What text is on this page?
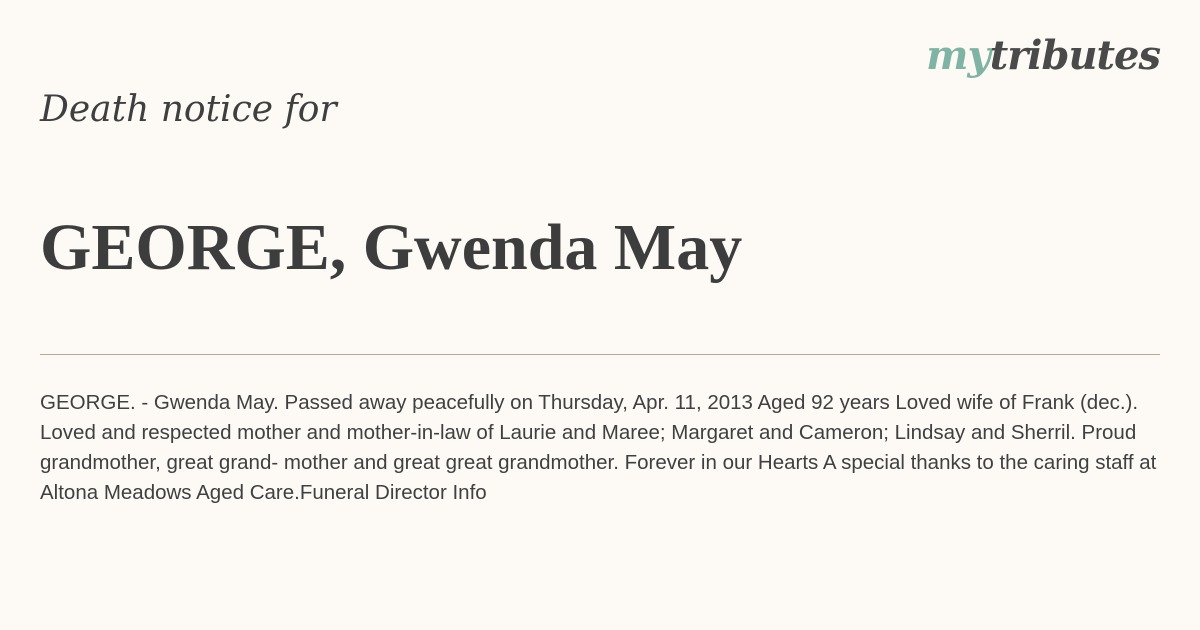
mytributes
Death notice for
GEORGE, Gwenda May

GEORGE. - Gwenda May. Passed away peacefully on Thursday, Apr. 11, 2013 Aged 92 years Loved wife of Frank (dec.). Loved and respected mother and mother-in-law of Laurie and Maree; Margaret and Cameron; Lindsay and Sherril. Proud grandmother, great grand- mother and great great grandmother. Forever in our Hearts A special thanks to the caring staff at Altona Meadows Aged Care.Funeral Director Info
